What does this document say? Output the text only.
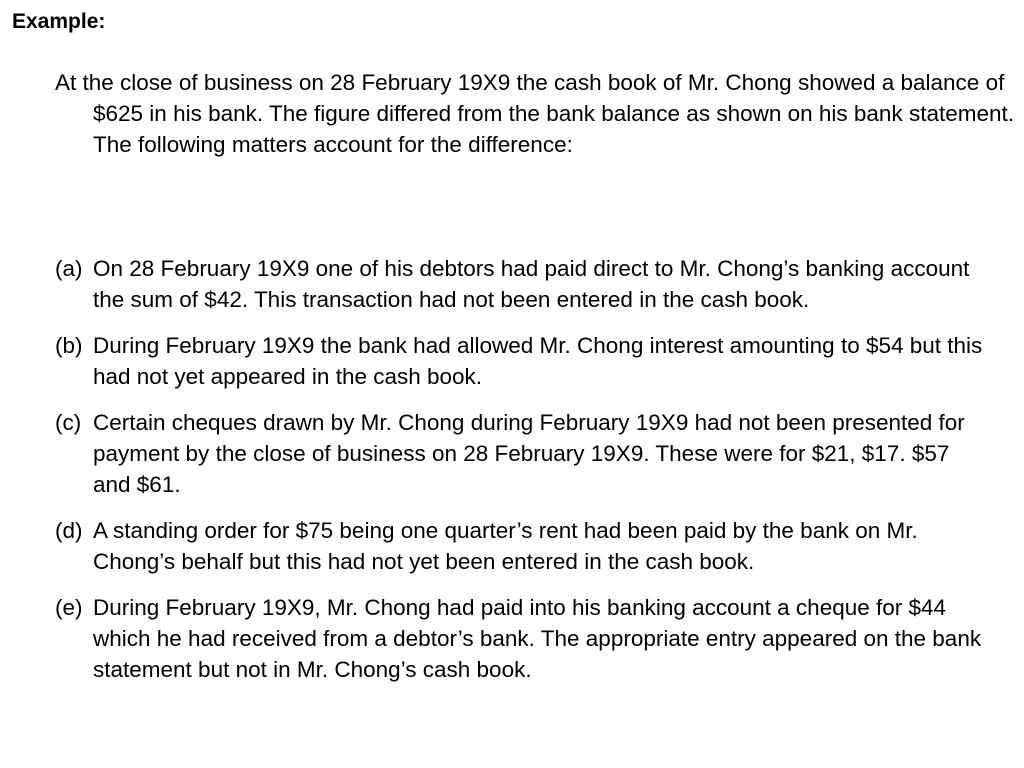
Example:

At the close of business on 28 February 19X9 the cash book of Mr. Chong showed a balance of $625 in his bank. The figure differed from the bank balance as shown on his bank statement. The following matters account for the difference:

(a) On 28 February 19X9 one of his debtors had paid direct to Mr. Chong’s banking account the sum of $42. This transaction had not been entered in the cash book.
(b) During February 19X9 the bank had allowed Mr. Chong interest amounting to $54 but this had not yet appeared in the cash book.
(c) Certain cheques drawn by Mr. Chong during February 19X9 had not been presented for payment by the close of business on 28 February 19X9. These were for $21, $17. $57 and $61.
(d) A standing order for $75 being one quarter’s rent had been paid by the bank on Mr. Chong’s behalf but this had not yet been entered in the cash book.
(e) During February 19X9, Mr. Chong had paid into his banking account a cheque for $44 which he had received from a debtor’s bank. The appropriate entry appeared on the bank statement but not in Mr. Chong’s cash book.
